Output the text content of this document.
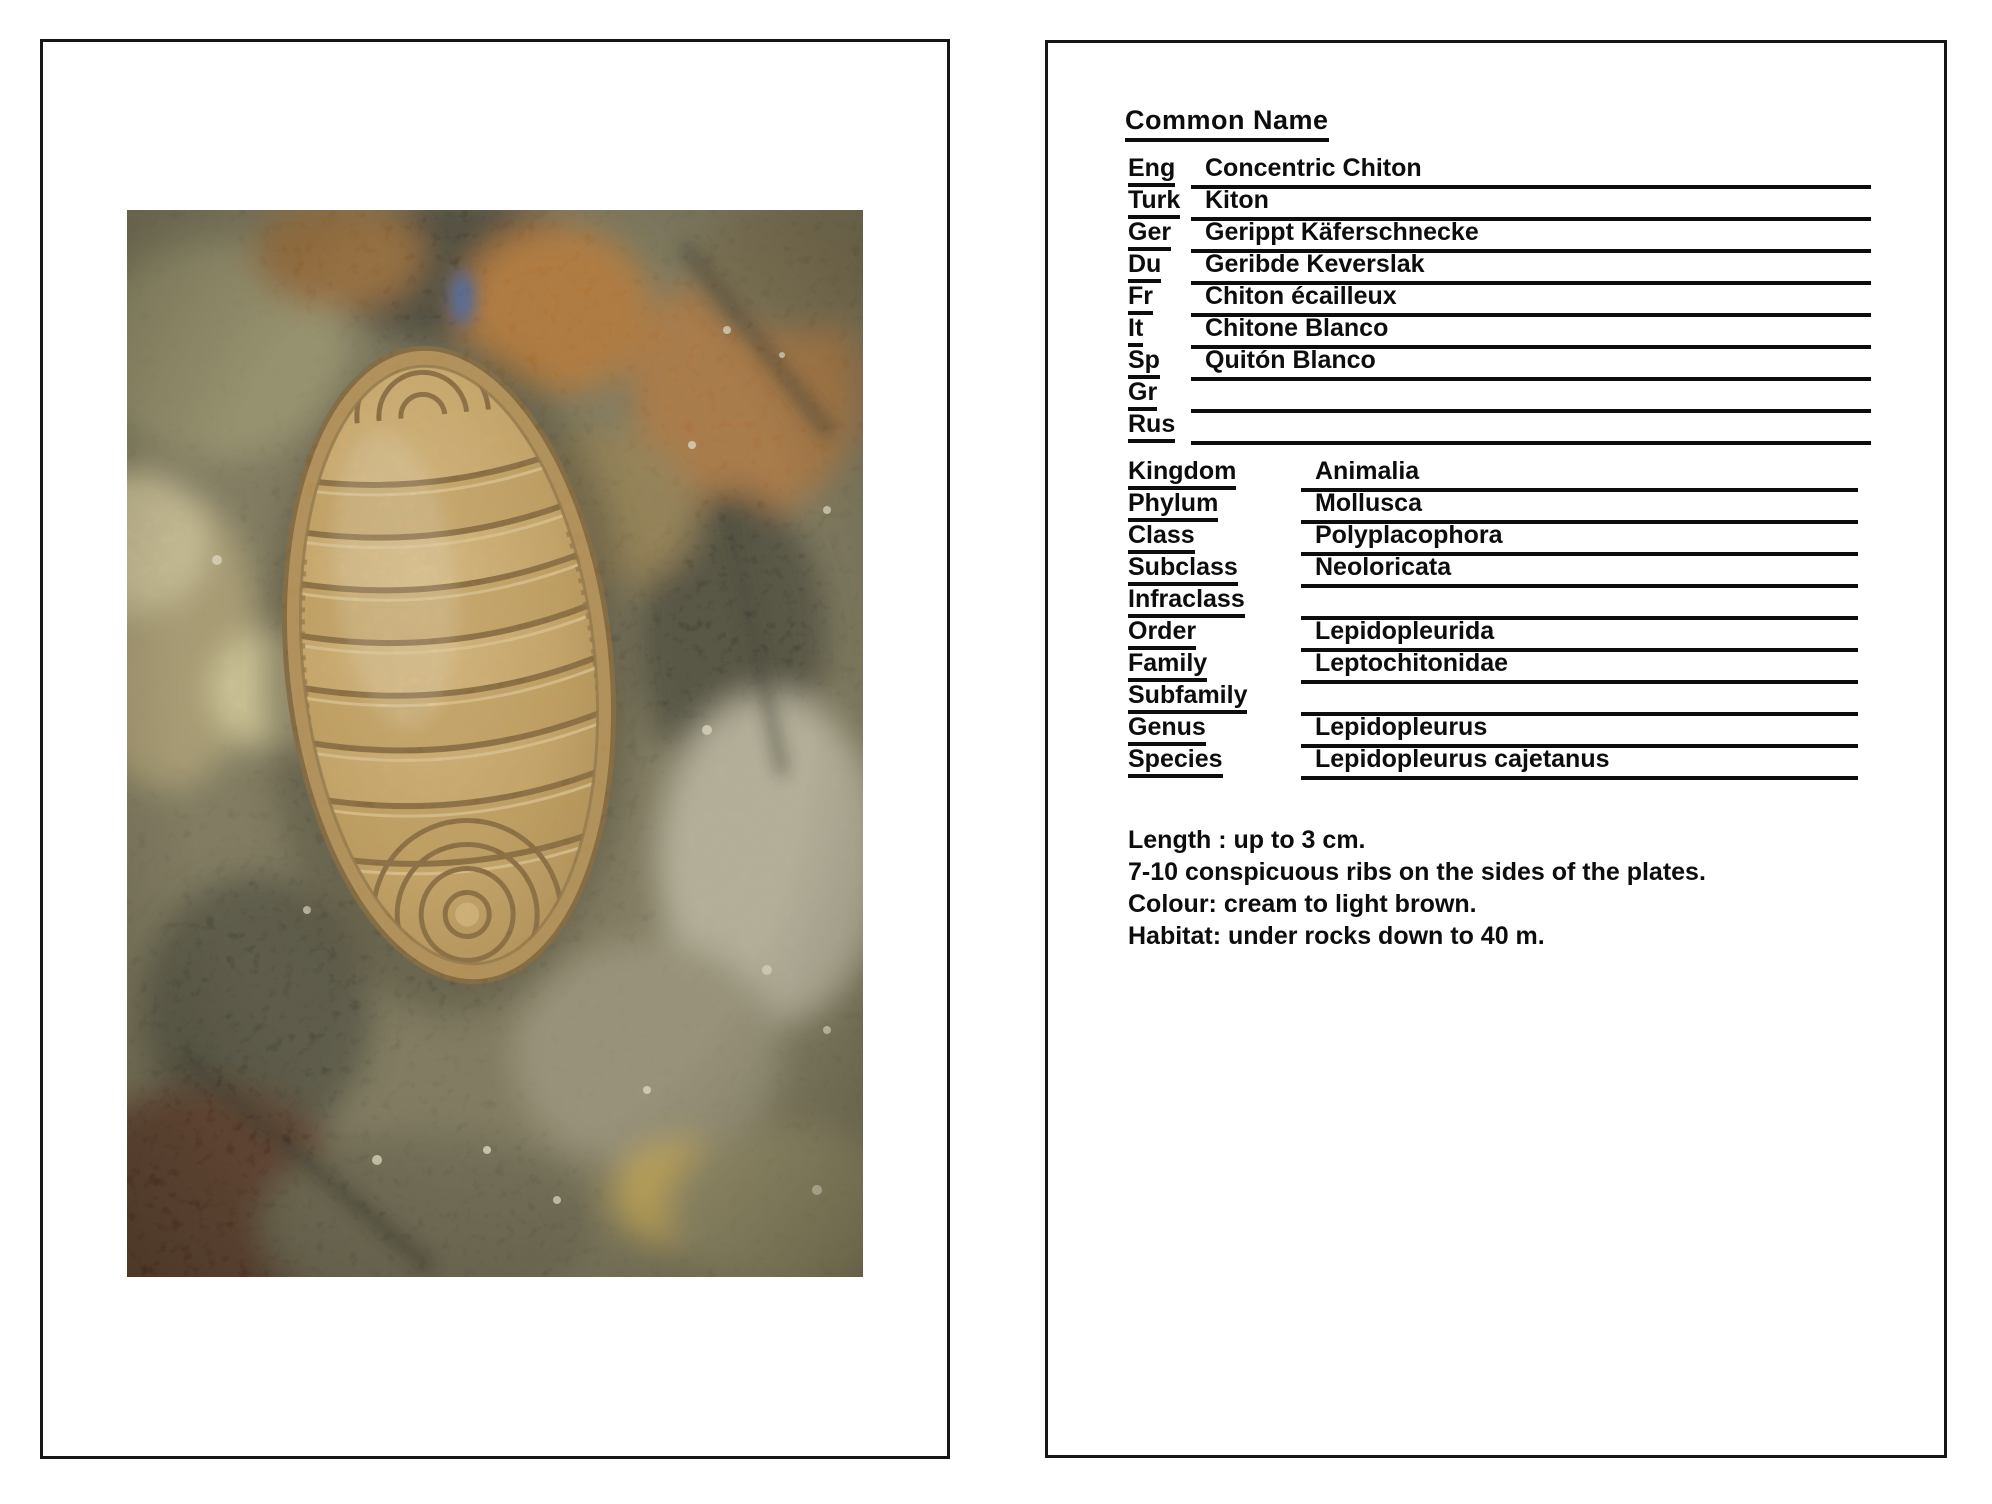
Common Name
Eng Concentric Chiton
Turk Kiton
Ger Gerippt Käferschnecke
Du Geribde Keverslak
Fr Chiton écailleux
It Chitone Blanco
Sp Quitón Blanco
Gr
Rus
Kingdom	Animalia
Phylum	Mollusca
Class	Polyplacophora
Subclass	Neoloricata
Infraclass
Order	Lepidopleurida
Family	Leptochitonidae
Subfamily
Genus	Lepidopleurus
Species	Lepidopleurus cajetanus
Length : up to 3 cm.
7-10 conspicuous ribs on the sides of the plates.
Colour: cream to light brown.
Habitat: under rocks down to 40 m.
